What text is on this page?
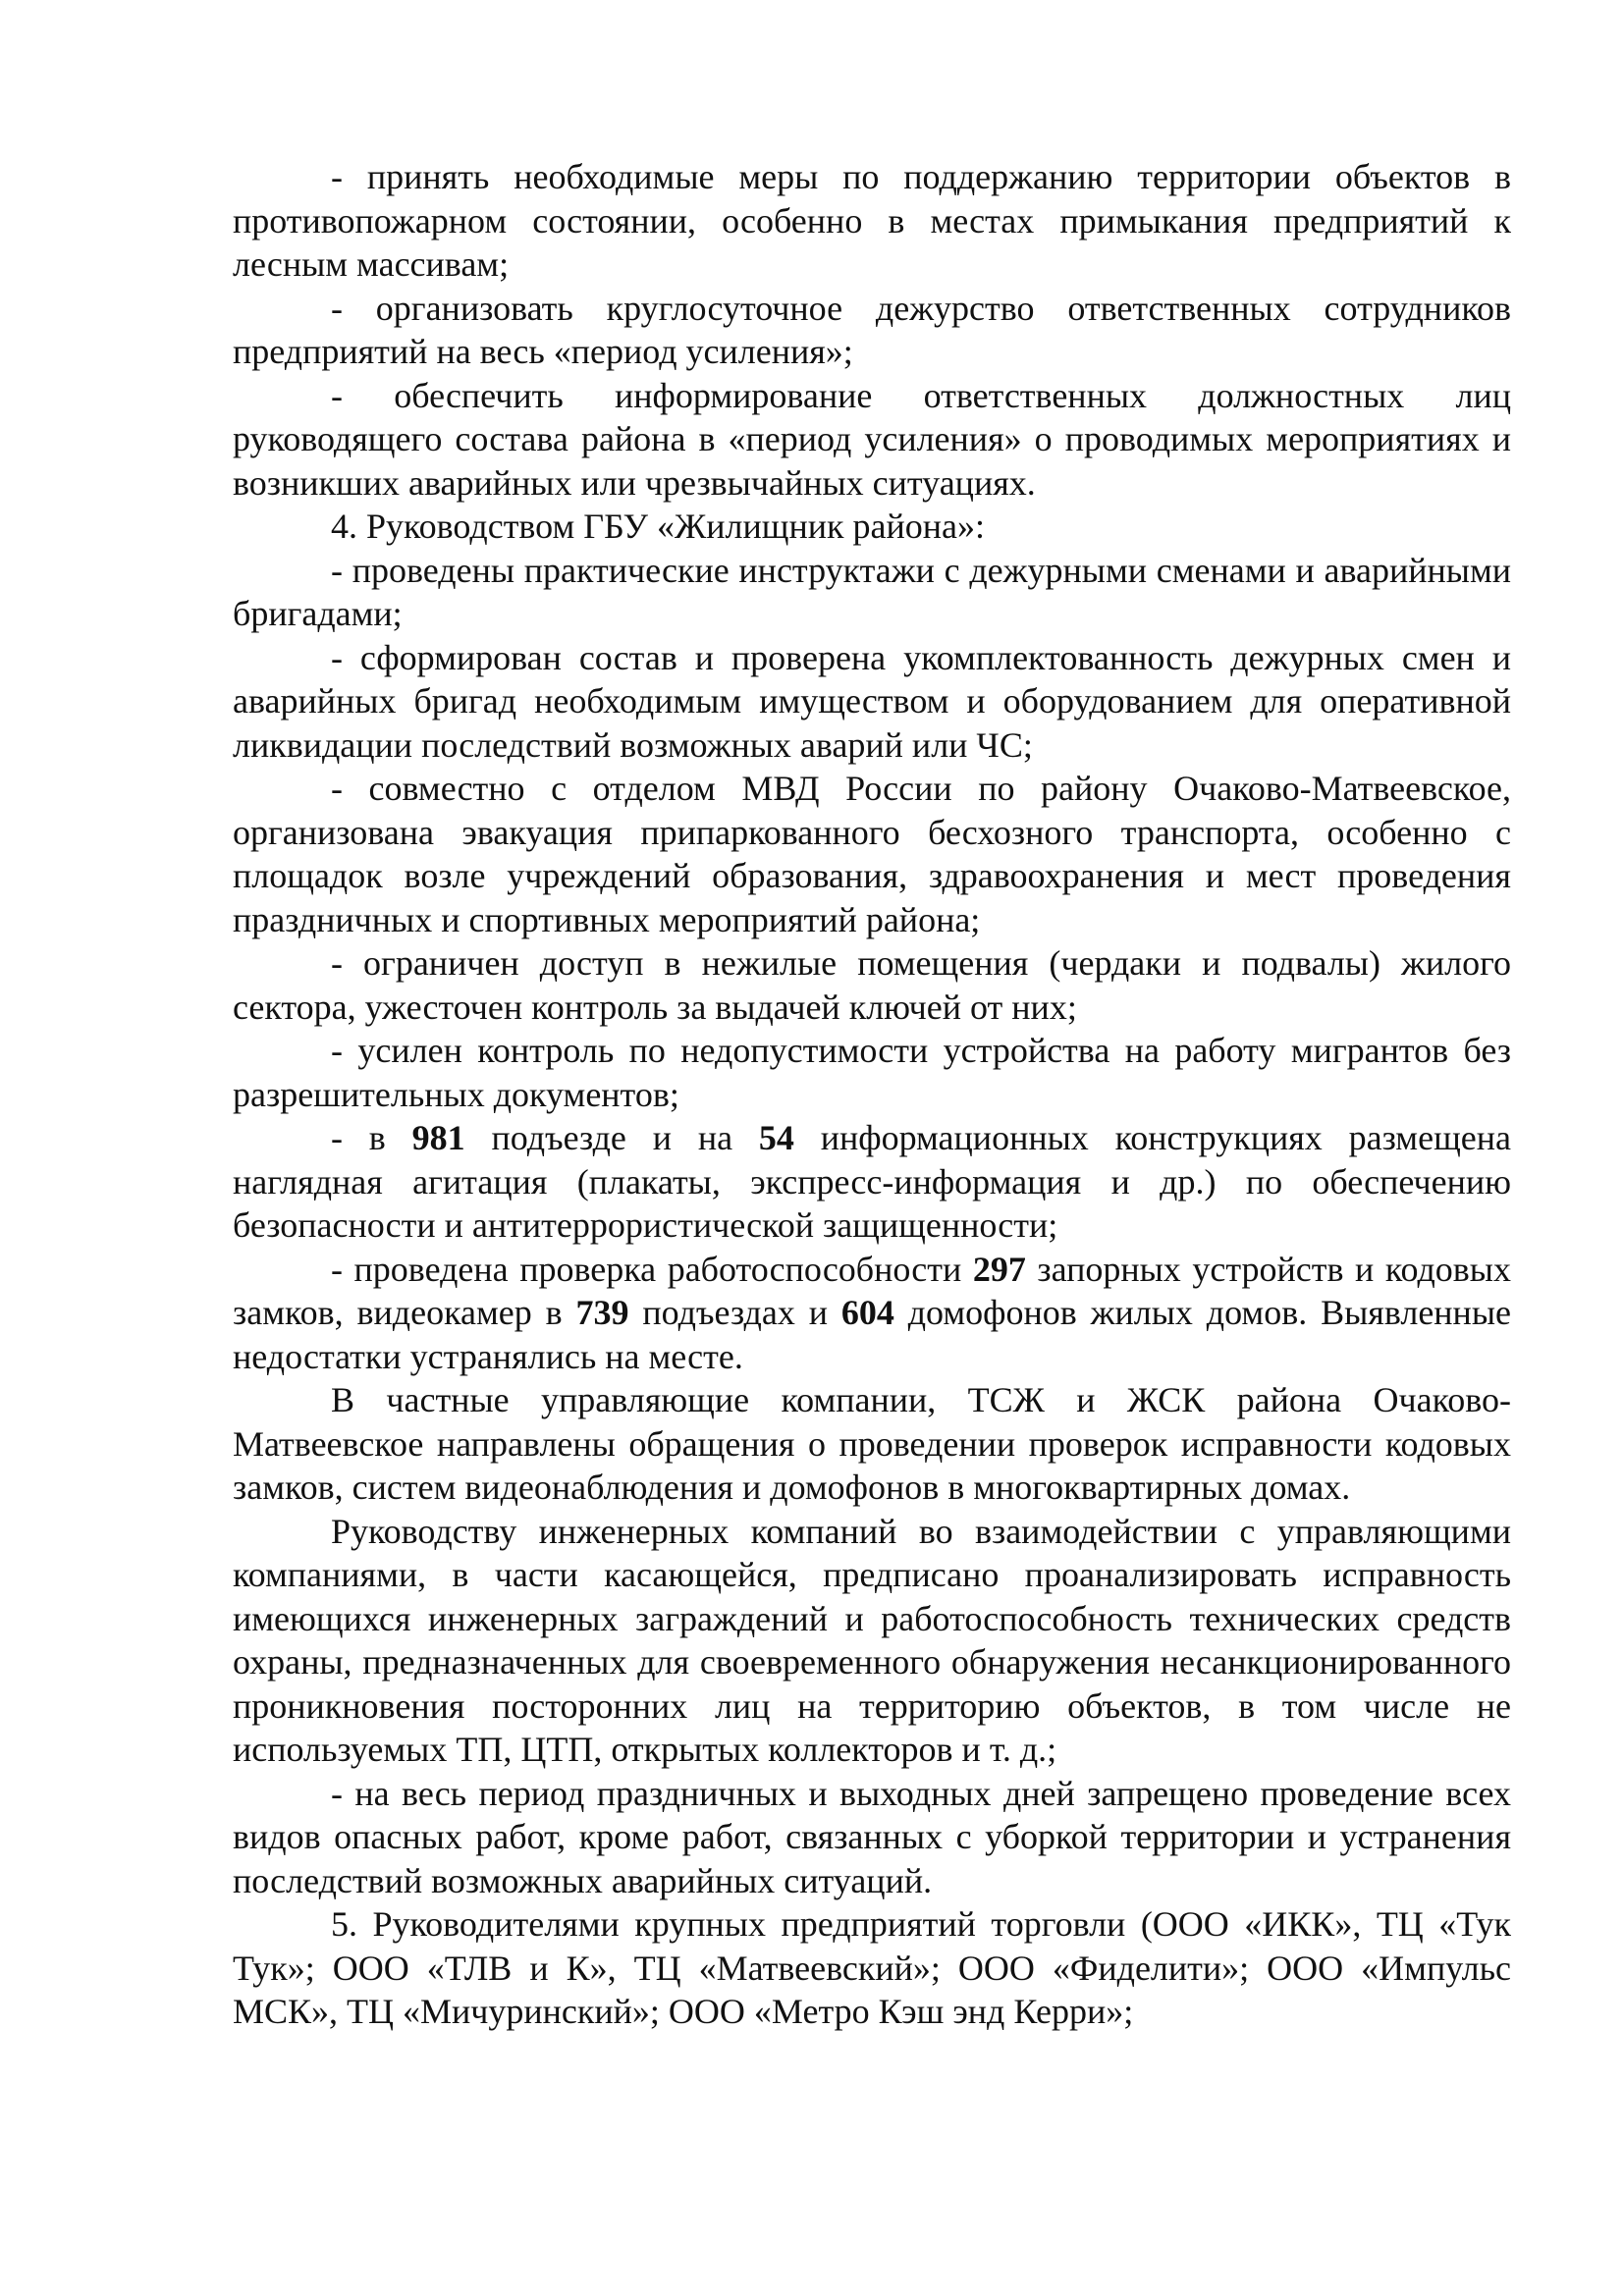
- принять необходимые меры по поддержанию территории объектов в противопожарном состоянии, особенно в местах примыкания предприятий к лесным массивам;

- организовать круглосуточное дежурство ответственных сотрудников предприятий на весь «период усиления»;

- обеспечить информирование ответственных должностных лиц руководящего состава района в «период усиления» о проводимых мероприятиях и возникших аварийных или чрезвычайных ситуациях.

4. Руководством ГБУ «Жилищник района»:

- проведены практические инструктажи с дежурными сменами и аварийными бригадами;

- сформирован состав и проверена укомплектованность дежурных смен и аварийных бригад необходимым имуществом и оборудованием для оперативной ликвидации последствий возможных аварий или ЧС;

- совместно с отделом МВД России по району Очаково-Матвеевское, организована эвакуация припаркованного бесхозного транспорта, особенно с площадок возле учреждений образования, здравоохранения и мест проведения праздничных и спортивных мероприятий района;

- ограничен доступ в нежилые помещения (чердаки и подвалы) жилого сектора, ужесточен контроль за выдачей ключей от них;

- усилен контроль по недопустимости устройства на работу мигрантов без разрешительных документов;

- в 981 подъезде и на 54 информационных конструкциях размещена наглядная агитация (плакаты, экспресс-информация и др.) по обеспечению безопасности и антитеррористической защищенности;

- проведена проверка работоспособности 297 запорных устройств и кодовых замков, видеокамер в 739 подъездах и 604 домофонов жилых домов. Выявленные недостатки устранялись на месте.

В частные управляющие компании, ТСЖ и ЖСК района Очаково-Матвеевское направлены обращения о проведении проверок исправности кодовых замков, систем видеонаблюдения и домофонов в многоквартирных домах.

Руководству инженерных компаний во взаимодействии с управляющими компаниями, в части касающейся, предписано проанализировать исправность имеющихся инженерных заграждений и работоспособность технических средств охраны, предназначенных для своевременного обнаружения несанкционированного проникновения посторонних лиц на территорию объектов, в том числе не используемых ТП, ЦТП, открытых коллекторов и т. д.;

- на весь период праздничных и выходных дней запрещено проведение всех видов опасных работ, кроме работ, связанных с уборкой территории и устранения последствий возможных аварийных ситуаций.

5. Руководителями крупных предприятий торговли (ООО «ИКК», ТЦ «Тук Тук»; ООО «ТЛВ и К», ТЦ «Матвеевский»; ООО «Фиделити»; ООО «Импульс МСК», ТЦ «Мичуринский»; ООО «Метро Кэш энд Керри»;
